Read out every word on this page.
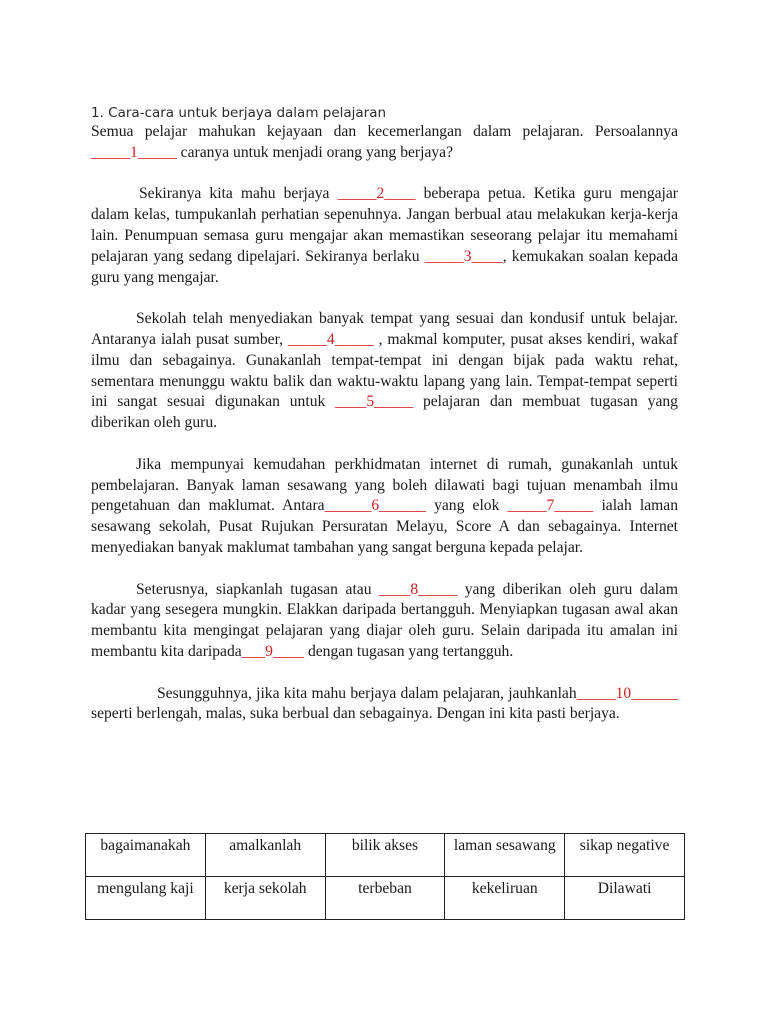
1. Cara-cara untuk berjaya dalam pelajaran

Semua pelajar mahukan kejayaan dan kecemerlangan dalam pelajaran. Persoalannya _____1_____ caranya untuk menjadi orang yang berjaya?

Sekiranya kita mahu berjaya _____2____ beberapa petua. Ketika guru mengajar dalam kelas, tumpukanlah perhatian sepenuhnya. Jangan berbual atau melakukan kerja-kerja lain. Penumpuan semasa guru mengajar akan memastikan seseorang pelajar itu memahami pelajaran yang sedang dipelajari. Sekiranya berlaku _____3____, kemukakan soalan kepada guru yang mengajar.

Sekolah telah menyediakan banyak tempat yang sesuai dan kondusif untuk belajar. Antaranya ialah pusat sumber, _____4_____ , makmal komputer, pusat akses kendiri, wakaf ilmu dan sebagainya. Gunakanlah tempat-tempat ini dengan bijak pada waktu rehat, sementara menunggu waktu balik dan waktu-waktu lapang yang lain. Tempat-tempat seperti ini sangat sesuai digunakan untuk ____5_____ pelajaran dan membuat tugasan yang diberikan oleh guru.

Jika mempunyai kemudahan perkhidmatan internet di rumah, gunakanlah untuk pembelajaran. Banyak laman sesawang yang boleh dilawati bagi tujuan menambah ilmu pengetahuan dan maklumat. Antara______6______ yang elok _____7_____ ialah laman sesawang sekolah, Pusat Rujukan Persuratan Melayu, Score A dan sebagainya. Internet menyediakan banyak maklumat tambahan yang sangat berguna kepada pelajar.

Seterusnya, siapkanlah tugasan atau ____8_____ yang diberikan oleh guru dalam kadar yang sesegera mungkin. Elakkan daripada bertangguh. Menyiapkan tugasan awal akan membantu kita mengingat pelajaran yang diajar oleh guru. Selain daripada itu amalan ini membantu kita daripada___9____ dengan tugasan yang tertangguh.

Sesungguhnya, jika kita mahu berjaya dalam pelajaran, jauhkanlah_____10______ seperti berlengah, malas, suka berbual dan sebagainya. Dengan ini kita pasti berjaya.

bagaimanakah	amalkanlah	bilik akses	laman sesawang	sikap negative
mengulang kaji	kerja sekolah	terbeban	kekeliruan	Dilawati
